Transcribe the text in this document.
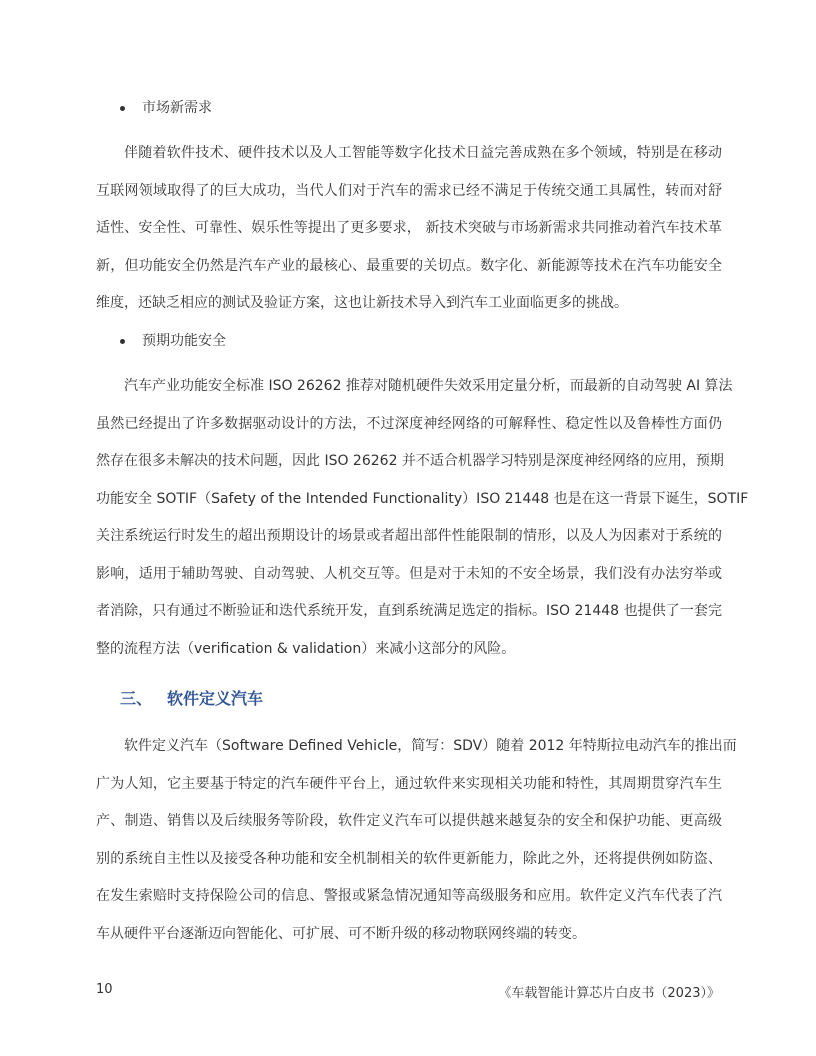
市场新需求
伴随着软件技术、硬件技术以及人工智能等数字化技术日益完善成熟在多个领域，特别是在移动
互联网领域取得了的巨大成功，当代人们对于汽车的需求已经不满足于传统交通工具属性，转而对舒
适性、安全性、可靠性、娱乐性等提出了更多要求， 新技术突破与市场新需求共同推动着汽车技术革
新，但功能安全仍然是汽车产业的最核心、最重要的关切点。数字化、新能源等技术在汽车功能安全
维度，还缺乏相应的测试及验证方案，这也让新技术导入到汽车工业面临更多的挑战。
预期功能安全
汽车产业功能安全标准 ISO 26262 推荐对随机硬件失效采用定量分析，而最新的自动驾驶 AI 算法
虽然已经提出了许多数据驱动设计的方法，不过深度神经网络的可解释性、稳定性以及鲁棒性方面仍
然存在很多未解决的技术问题，因此 ISO 26262 并不适合机器学习特别是深度神经网络的应用，预期
功能安全 SOTIF（Safety of the Intended Functionality）ISO 21448 也是在这一背景下诞生，SOTIF
关注系统运行时发生的超出预期设计的场景或者超出部件性能限制的情形，以及人为因素对于系统的
影响，适用于辅助驾驶、自动驾驶、人机交互等。但是对于未知的不安全场景，我们没有办法穷举或
者消除，只有通过不断验证和迭代系统开发，直到系统满足选定的指标。ISO 21448 也提供了一套完
整的流程方法（verification & validation）来减小这部分的风险。
三、 软件定义汽车
软件定义汽车（Software Defined Vehicle，简写：SDV）随着 2012 年特斯拉电动汽车的推出而
广为人知，它主要基于特定的汽车硬件平台上，通过软件来实现相关功能和特性，其周期贯穿汽车生
产、制造、销售以及后续服务等阶段，软件定义汽车可以提供越来越复杂的安全和保护功能、更高级
别的系统自主性以及接受各种功能和安全机制相关的软件更新能力，除此之外，还将提供例如防盗、
在发生索赔时支持保险公司的信息、警报或紧急情况通知等高级服务和应用。软件定义汽车代表了汽
车从硬件平台逐渐迈向智能化、可扩展、可不断升级的移动物联网终端的转变。
10	《车载智能计算芯片白皮书（2023）》
